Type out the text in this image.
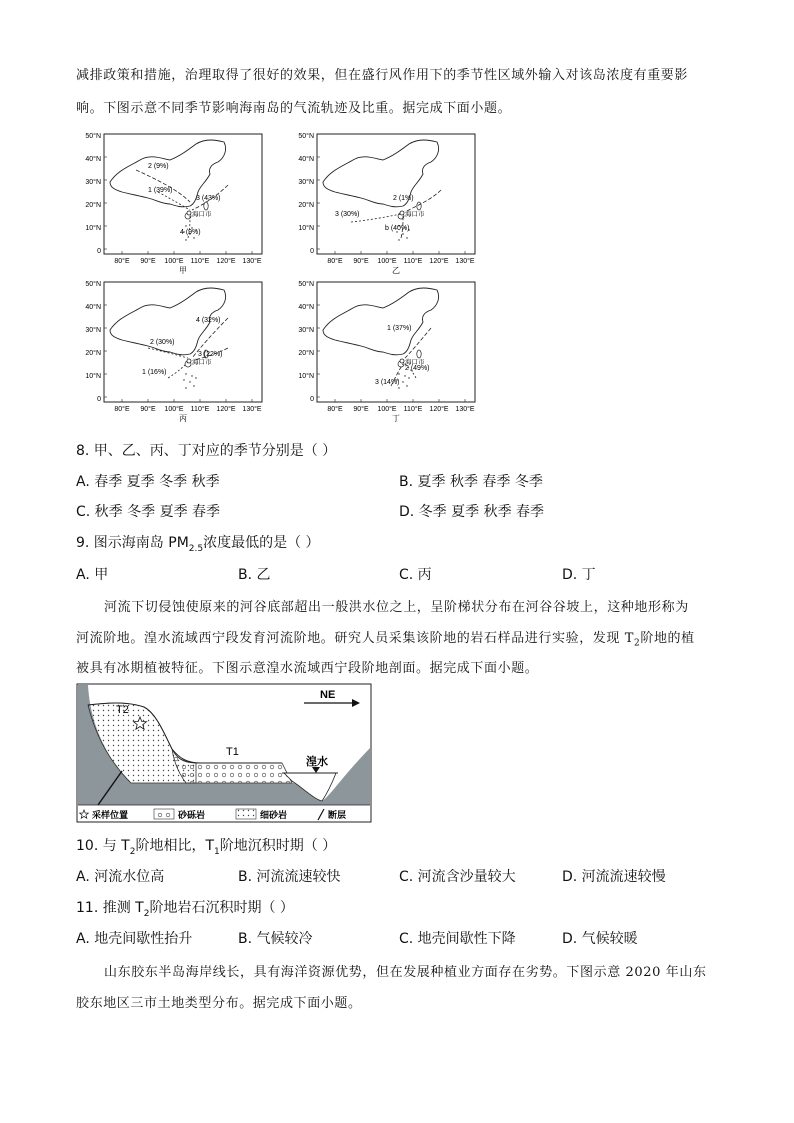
减排政策和措施，治理取得了很好的效果，但在盛行风作用下的季节性区域外输入对该岛浓度有重要影
响。下图示意不同季节影响海南岛的气流轨迹及比重。据完成下面小题。
50°N
40°N
30°N
20°N
10°N
0
80°E 90°E 100°E 110°E 120°E 130°E
2 (9%)
1 (39%)
3 (43%)
4 (9%)
海口市
甲
50°N
40°N
30°N
20°N
10°N
0
80°E 90°E 100°E 110°E 120°E 130°E
2 (1%)
3 (30%)
b (40%)
海口市
乙
50°N
40°N
30°N
20°N
10°N
0
80°E 90°E 100°E 110°E 120°E 130°E
4 (32%)
2 (30%)
3 (22%)
1 (16%)
海口市
丙
50°N
40°N
30°N
20°N
10°N
0
80°E 90°E 100°E 110°E 120°E 130°E
1 (37%)
2 (49%)
3 (14%)
海口市
丁
8. 甲、乙、丙、丁对应的季节分别是（ ）
A. 春季 夏季 冬季 秋季	B. 夏季 秋季 春季 冬季
C. 秋季 冬季 夏季 春季	D. 冬季 夏季 秋季 春季
9. 图示海南岛 $PM_{2.5}$浓度最低的是（ ）
A. 甲	B. 乙	C. 丙	D. 丁
河流下切侵蚀使原来的河谷底部超出一般洪水位之上，呈阶梯状分布在河谷谷坡上，这种地形称为
河流阶地。湟水流域西宁段发育河流阶地。研究人员采集该阶地的岩石样品进行实验，发现 $T_2$阶地的植
被具有冰期植被特征。下图示意湟水流域西宁段阶地剖面。据完成下面小题。
NE
T2
T1
湟水
采样位置	砂砾岩	细砂岩	断层
10. 与 $T_2$阶地相比，$T_1$阶地沉积时期（ ）
A. 河流水位高	B. 河流流速较快	C. 河流含沙量较大	D. 河流流速较慢
11. 推测 $T_2$阶地岩石沉积时期（ ）
A. 地壳间歇性抬升	B. 气候较冷	C. 地壳间歇性下降	D. 气候较暖
山东胶东半岛海岸线长，具有海洋资源优势，但在发展种植业方面存在劣势。下图示意 2020 年山东
胶东地区三市土地类型分布。据完成下面小题。
